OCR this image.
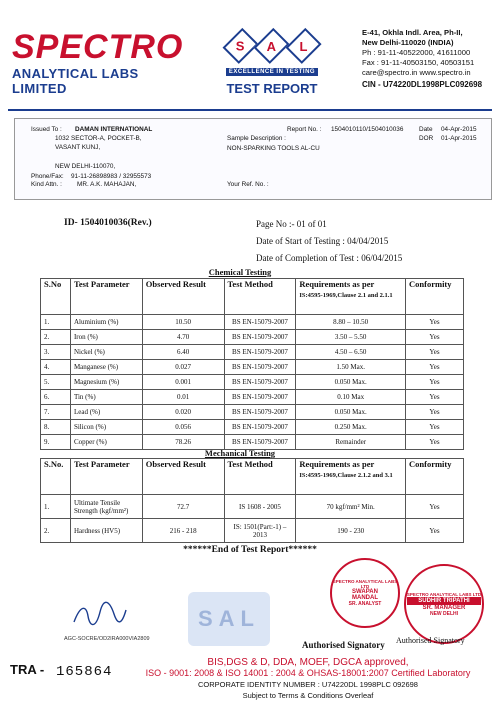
SPECTRO
ANALYTICAL LABS LIMITED
S A L
EXCELLENCE IN TESTING
TEST REPORT
E-41, Okhla Indl. Area, Ph-II,
New Delhi-110020 (INDIA)
Ph : 91-11-40522000, 41611000
Fax : 91-11-40503150, 40503151
care@spectro.in www.spectro.in
CIN - U74220DL1998PLC092698
Issued To : DAMAN INTERNATIONAL
1032 SECTOR-A, POCKET-B,
VASANT KUNJ,
NEW DELHI-110070,
Phone/Fax: 91-11-26898983 / 32955573
Kind Attn. : MR. A.K. MAHAJAN,
Report No. : 1504010110/1504010036 Date 04-Apr-2015
DOR 01-Apr-2015
Sample Description :
NON-SPARKING TOOLS AL-CU
Your Ref. No. :
ID- 1504010036(Rev.)	Page No :- 01 of 01
Date of Start of Testing : 04/04/2015
Date of Completion of Test : 06/04/2015
Chemical Testing
S.No	Test Parameter	Observed Result	Test Method	Requirements as per
IS:4595-1969,Clause 2.1 and 2.1.1	Conformity
1.	Aluminium (%)	10.50	BS EN-15079-2007	8.80 – 10.50	Yes
2.	Iron (%)	4.70	BS EN-15079-2007	3.50 – 5.50	Yes
3.	Nickel (%)	6.40	BS EN-15079-2007	4.50 – 6.50	Yes
4.	Manganese (%)	0.027	BS EN-15079-2007	1.50 Max.	Yes
5.	Magnesium (%)	0.001	BS EN-15079-2007	0.050 Max.	Yes
6.	Tin (%)	0.01	BS EN-15079-2007	0.10 Max	Yes
7.	Lead (%)	0.020	BS EN-15079-2007	0.050 Max.	Yes
8.	Silicon (%)	0.056	BS EN-15079-2007	0.250 Max.	Yes
9.	Copper (%)	78.26	BS EN-15079-2007	Remainder	Yes
Mechanical Testing
S.No.	Test Parameter	Observed Result	Test Method	Requirements as per
IS:4595-1969,Clause 2.1.2 and 3.1	Conformity
1.	Ultimate Tensile Strength (kgf/mm²)	72.7	IS 1608 - 2005	70 kgf/mm² Min.	Yes
2.	Hardness (HV5)	216 - 218	IS: 1501(Part:-1) – 2013	190 - 230	Yes
******End of Test Report******
AGC-SOCRE/OD2IRA000VIA2809
SAL
SPECTRO ANALYTICAL LABS LTD
SWAPAN
MANDAL
SR. ANALYST
Authorised Signatory
SPECTRO ANALYTICAL LABS LTD
SUDHIR TRIPATHI
SR. MANAGER
NEW DELHI
Authorised Signatory
TRA - 165864
BIS,DGS & D, DDA, MOEF, DGCA approved,
ISO - 9001: 2008 & ISO 14001 : 2004 & OHSAS-18001:2007 Certified Laboratory
CORPORATE IDENTITY NUMBER : U74220DL 1998PLC 092698
Subject to Terms & Conditions Overleaf
